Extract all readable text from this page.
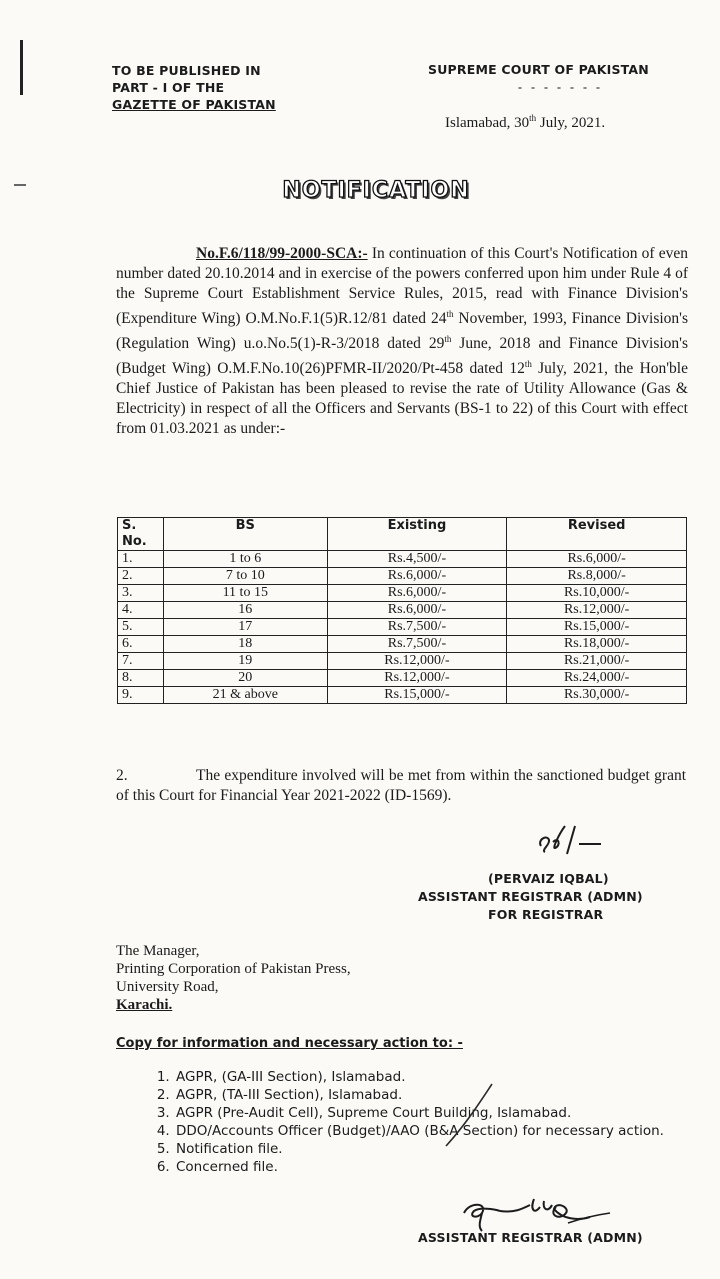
TO BE PUBLISHED IN
PART - I OF THE
GAZETTE OF PAKISTAN
SUPREME COURT OF PAKISTAN
- - - - - - -
Islamabad, 30th July, 2021.
NOTIFICATION
No.F.6/118/99-2000-SCA:- In continuation of this Court's Notification of even number dated 20.10.2014 and in exercise of the powers conferred upon him under Rule 4 of the Supreme Court Establishment Service Rules, 2015, read with Finance Division's (Expenditure Wing) O.M.No.F.1(5)R.12/81 dated 24th November, 1993, Finance Division's (Regulation Wing) u.o.No.5(1)-R-3/2018 dated 29th June, 2018 and Finance Division's (Budget Wing) O.M.F.No.10(26)PFMR-II/2020/Pt-458 dated 12th July, 2021, the Hon'ble Chief Justice of Pakistan has been pleased to revise the rate of Utility Allowance (Gas & Electricity) in respect of all the Officers and Servants (BS-1 to 22) of this Court with effect from 01.03.2021 as under:-
S.
No.	BS	Existing	Revised
1.	1 to 6	Rs.4,500/-	Rs.6,000/-
2.	7 to 10	Rs.6,000/-	Rs.8,000/-
3.	11 to 15	Rs.6,000/-	Rs.10,000/-
4.	16	Rs.6,000/-	Rs.12,000/-
5.	17	Rs.7,500/-	Rs.15,000/-
6.	18	Rs.7,500/-	Rs.18,000/-
7.	19	Rs.12,000/-	Rs.21,000/-
8.	20	Rs.12,000/-	Rs.24,000/-
9.	21 & above	Rs.15,000/-	Rs.30,000/-
2.	The expenditure involved will be met from within the sanctioned budget grant of this Court for Financial Year 2021-2022 (ID-1569).
(PERVAIZ IQBAL)
ASSISTANT REGISTRAR (ADMN)
FOR REGISTRAR
The Manager,
Printing Corporation of Pakistan Press,
University Road,
Karachi.
Copy for information and necessary action to: -
1. AGPR, (GA-III Section), Islamabad.
2. AGPR, (TA-III Section), Islamabad.
3. AGPR (Pre-Audit Cell), Supreme Court Building, Islamabad.
4. DDO/Accounts Officer (Budget)/AAO (B&A Section) for necessary action.
5. Notification file.
6. Concerned file.
ASSISTANT REGISTRAR (ADMN)
